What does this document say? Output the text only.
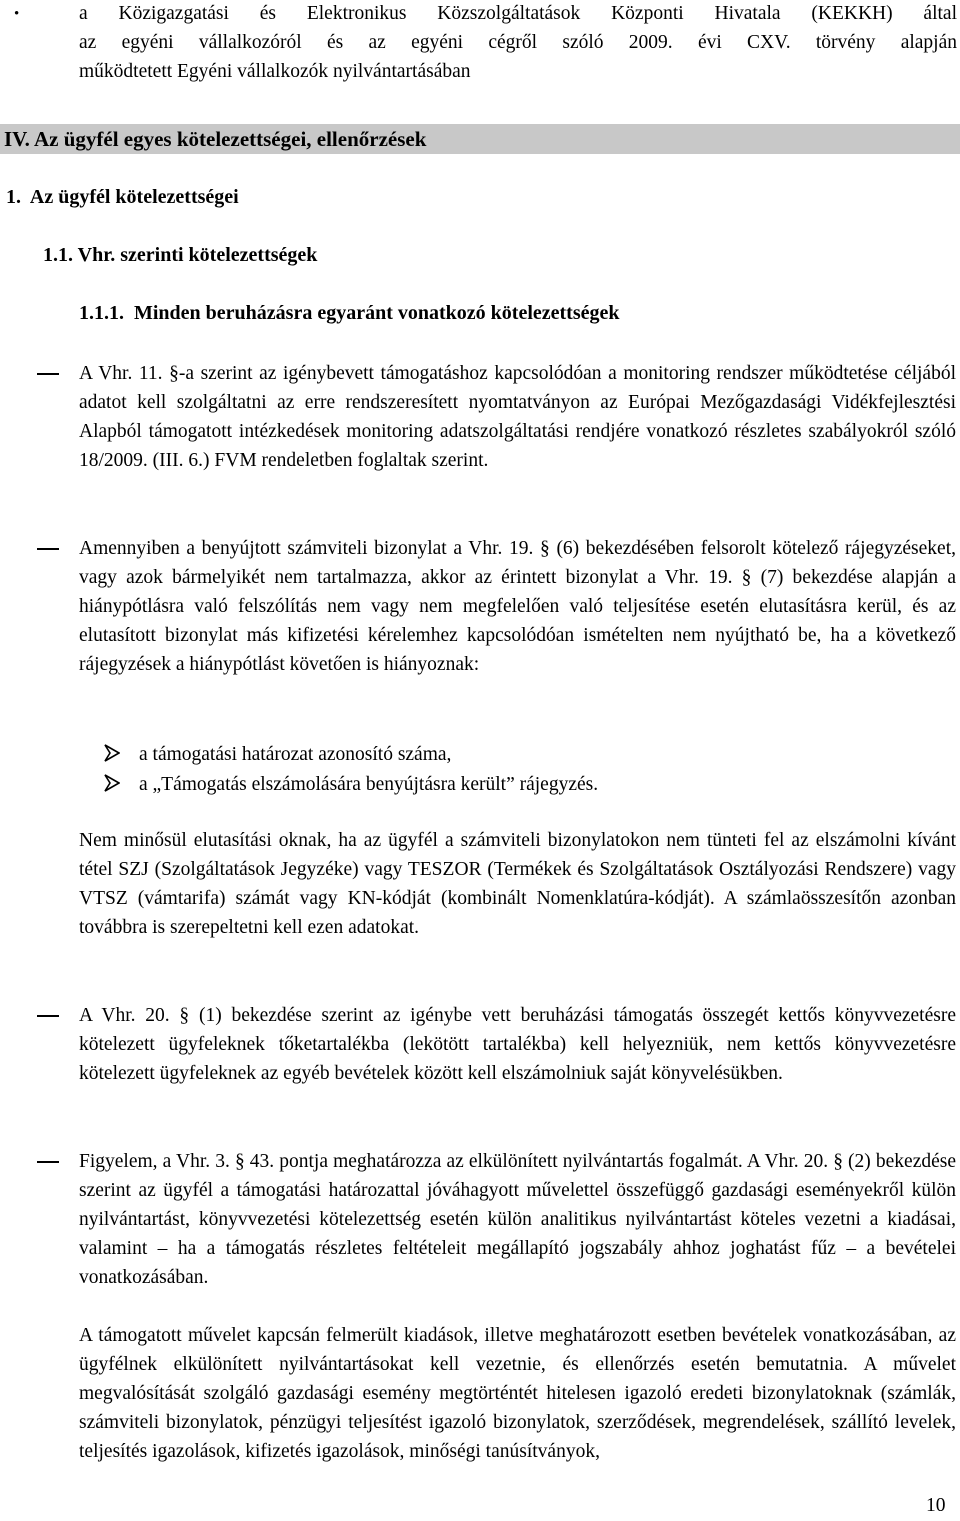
•	a Közigazgatási és Elektronikus Közszolgáltatások Központi Hivatala (KEKKH) által
az egyéni vállalkozóról és az egyéni cégről szóló 2009. évi CXV. törvény alapján
működtetett Egyéni vállalkozók nyilvántartásában
IV. Az ügyfél egyes kötelezettségei, ellenőrzések
1.  Az ügyfél kötelezettségei
1.1. Vhr. szerinti kötelezettségek
1.1.1.  Minden beruházásra egyaránt vonatkozó kötelezettségek
A Vhr. 11. §-a szerint az igénybevett támogatáshoz kapcsolódóan a monitoring rendszer működtetése céljából adatot kell szolgáltatni az erre rendszeresített nyomtatványon az Európai Mezőgazdasági Vidékfejlesztési Alapból támogatott intézkedések monitoring adatszolgáltatási rendjére vonatkozó részletes szabályokról szóló 18/2009. (III. 6.) FVM rendeletben foglaltak szerint.
Amennyiben a benyújtott számviteli bizonylat a Vhr. 19. § (6) bekezdésében felsorolt kötelező rájegyzéseket, vagy azok bármelyikét nem tartalmazza, akkor az érintett bizonylat a Vhr. 19. § (7) bekezdése alapján a hiánypótlásra való felszólítás nem vagy nem megfelelően való teljesítése esetén elutasításra kerül, és az elutasított bizonylat más kifizetési kérelemhez kapcsolódóan ismételten nem nyújtható be, ha a következő rájegyzések a hiánypótlást követően is hiányoznak:
a támogatási határozat azonosító száma,
a „Támogatás elszámolására benyújtásra került” rájegyzés.
Nem minősül elutasítási oknak, ha az ügyfél a számviteli bizonylatokon nem tünteti fel az elszámolni kívánt tétel SZJ (Szolgáltatások Jegyzéke) vagy TESZOR (Termékek és Szolgáltatások Osztályozási Rendszere) vagy VTSZ (vámtarifa) számát vagy KN-kódját (kombinált Nomenklatúra-kódját). A számlaösszesítőn azonban továbbra is szerepeltetni kell ezen adatokat.
A Vhr. 20. § (1) bekezdése szerint az igénybe vett beruházási támogatás összegét kettős könyvvezetésre kötelezett ügyfeleknek tőketartalékba (lekötött tartalékba) kell helyezniük, nem kettős könyvvezetésre kötelezett ügyfeleknek az egyéb bevételek között kell elszámolniuk saját könyvelésükben.
Figyelem, a Vhr. 3. § 43. pontja meghatározza az elkülönített nyilvántartás fogalmát. A Vhr. 20. § (2) bekezdése szerint az ügyfél a támogatási határozattal jóváhagyott művelettel összefüggő gazdasági eseményekről külön nyilvántartást, könyvvezetési kötelezettség esetén külön analitikus nyilvántartást köteles vezetni a kiadásai, valamint – ha a támogatás részletes feltételeit megállapító jogszabály ahhoz joghatást fűz – a bevételei vonatkozásában.
A támogatott művelet kapcsán felmerült kiadások, illetve meghatározott esetben bevételek vonatkozásában, az ügyfélnek elkülönített nyilvántartásokat kell vezetnie, és ellenőrzés esetén bemutatnia. A művelet megvalósítását szolgáló gazdasági esemény megtörténtét hitelesen igazoló eredeti bizonylatoknak (számlák, számviteli bizonylatok, pénzügyi teljesítést igazoló bizonylatok, szerződések, megrendelések, szállító levelek, teljesítés igazolások, kifizetés igazolások, minőségi tanúsítványok,
10
